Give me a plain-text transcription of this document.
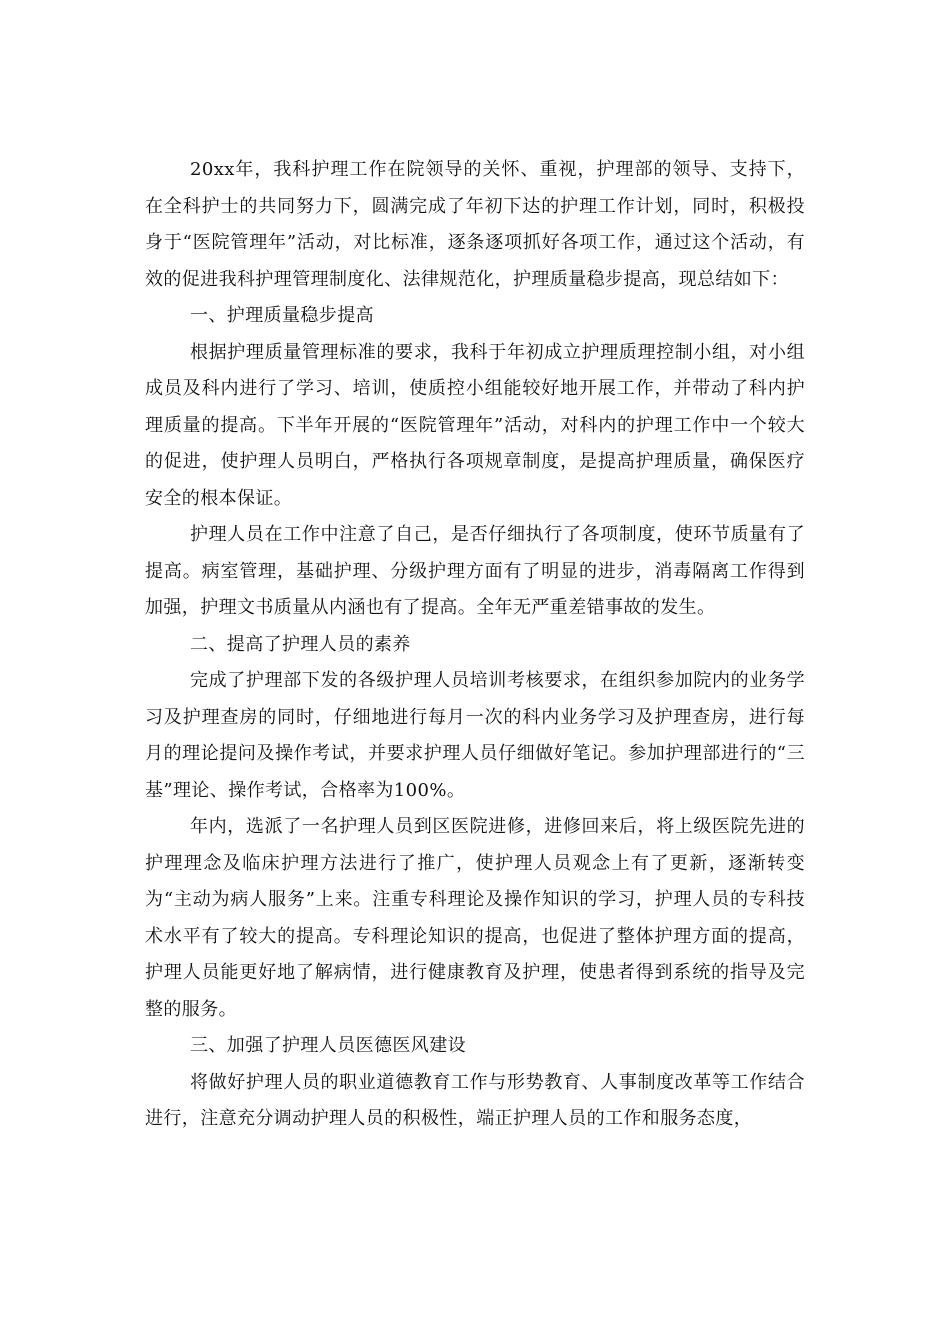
20xx年，我科护理工作在院领导的关怀、重视，护理部的领导、支持下，在全科护士的共同努力下，圆满完成了年初下达的护理工作计划，同时，积极投身于“医院管理年”活动，对比标准，逐条逐项抓好各项工作，通过这个活动，有效的促进我科护理管理制度化、法律规范化，护理质量稳步提高，现总结如下：

一、护理质量稳步提高

根据护理质量管理标准的要求，我科于年初成立护理质理控制小组，对小组成员及科内进行了学习、培训，使质控小组能较好地开展工作，并带动了科内护理质量的提高。下半年开展的“医院管理年”活动，对科内的护理工作中一个较大的促进，使护理人员明白，严格执行各项规章制度，是提高护理质量，确保医疗安全的根本保证。

护理人员在工作中注意了自己，是否仔细执行了各项制度，使环节质量有了提高。病室管理，基础护理、分级护理方面有了明显的进步，消毒隔离工作得到加强，护理文书质量从内涵也有了提高。全年无严重差错事故的发生。

二、提高了护理人员的素养

完成了护理部下发的各级护理人员培训考核要求，在组织参加院内的业务学习及护理查房的同时，仔细地进行每月一次的科内业务学习及护理查房，进行每月的理论提问及操作考试，并要求护理人员仔细做好笔记。参加护理部进行的“三基”理论、操作考试，合格率为100%。

年内，选派了一名护理人员到区医院进修，进修回来后，将上级医院先进的护理理念及临床护理方法进行了推广，使护理人员观念上有了更新，逐渐转变为“主动为病人服务”上来。注重专科理论及操作知识的学习，护理人员的专科技术水平有了较大的提高。专科理论知识的提高，也促进了整体护理方面的提高，护理人员能更好地了解病情，进行健康教育及护理，使患者得到系统的指导及完整的服务。

三、加强了护理人员医德医风建设

将做好护理人员的职业道德教育工作与形势教育、人事制度改革等工作结合进行，注意充分调动护理人员的积极性，端正护理人员的工作和服务态度，
